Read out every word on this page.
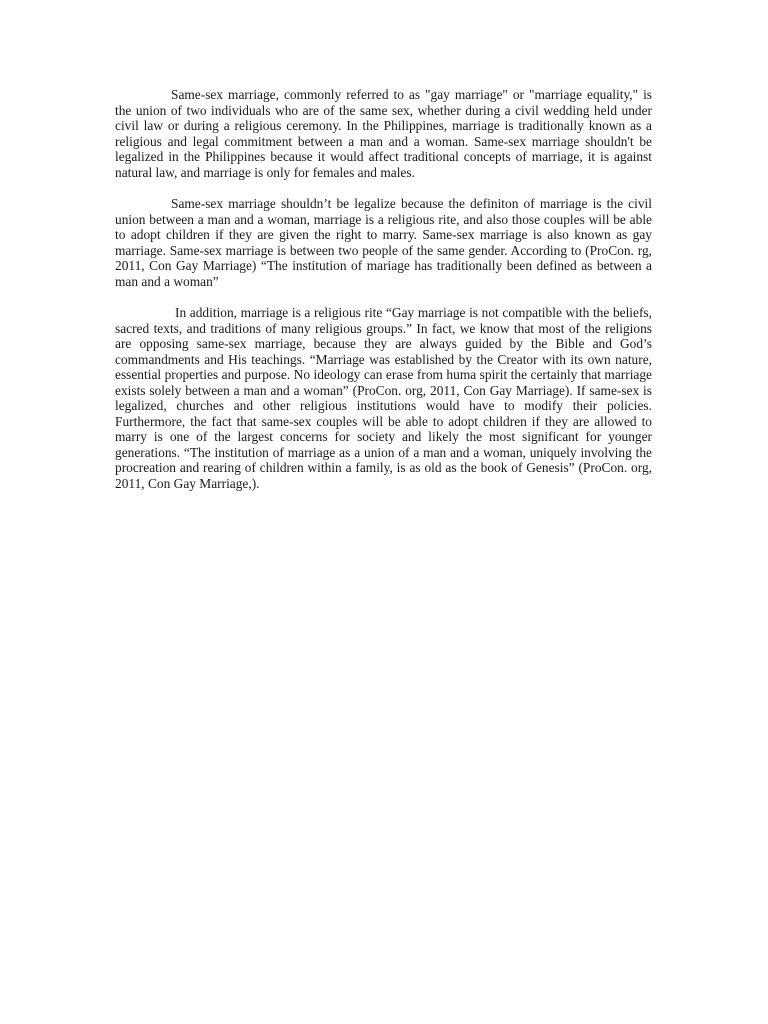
Same-sex marriage, commonly referred to as "gay marriage" or "marriage equality," is the union of two individuals who are of the same sex, whether during a civil wedding held under civil law or during a religious ceremony. In the Philippines, marriage is traditionally known as a religious and legal commitment between a man and a woman. Same-sex marriage shouldn't be legalized in the Philippines because it would affect traditional concepts of marriage, it is against natural law, and marriage is only for females and males.

Same-sex marriage shouldn’t be legalize because the definiton of marriage is the civil union between a man and a woman, marriage is a religious rite, and also those couples will be able to adopt children if they are given the right to marry. Same-sex marriage is also known as gay marriage. Same-sex marriage is between two people of the same gender. According to (ProCon. rg, 2011, Con Gay Marriage) “The institution of mariage has traditionally been defined as between a man and a woman”

In addition, marriage is a religious rite “Gay marriage is not compatible with the beliefs, sacred texts, and traditions of many religious groups.” In fact, we know that most of the religions are opposing same-sex marriage, because they are always guided by the Bible and God’s commandments and His teachings. “Marriage was established by the Creator with its own nature, essential properties and purpose. No ideology can erase from huma spirit the certainly that marriage exists solely between a man and a woman” (ProCon. org, 2011, Con Gay Marriage). If same-sex is legalized, churches and other religious institutions would have to modify their policies. Furthermore, the fact that same-sex couples will be able to adopt children if they are allowed to marry is one of the largest concerns for society and likely the most significant for younger generations. “The institution of marriage as a union of a man and a woman, uniquely involving the procreation and rearing of children within a family, is as old as the book of Genesis” (ProCon. org, 2011, Con Gay Marriage,).
